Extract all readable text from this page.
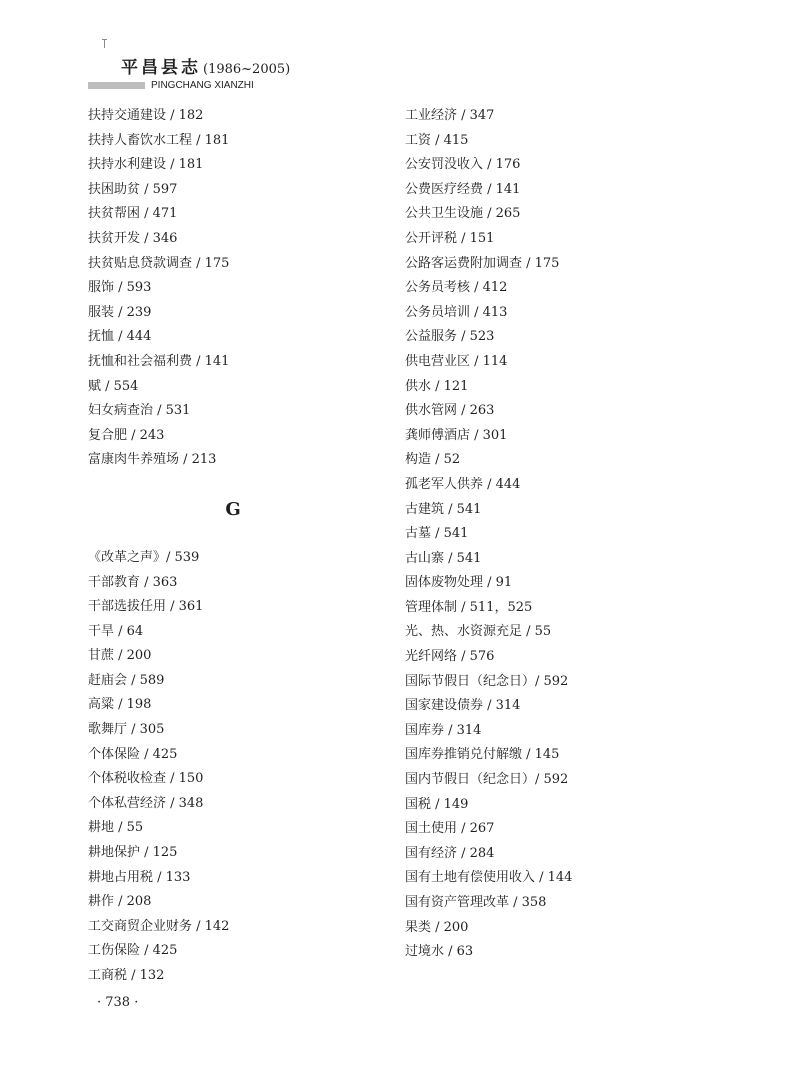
平昌县志 (1986~2005)
PINGCHANG XIANZHI
扶持交通建设 / 182
扶持人畜饮水工程 / 181
扶持水利建设 / 181
扶困助贫 / 597
扶贫帮困 / 471
扶贫开发 / 346
扶贫贴息贷款调查 / 175
服饰 / 593
服装 / 239
抚恤 / 444
抚恤和社会福利费 / 141
赋 / 554
妇女病查治 / 531
复合肥 / 243
富康肉牛养殖场 / 213
G
《改革之声》/ 539
干部教育 / 363
干部选拔任用 / 361
干旱 / 64
甘蔗 / 200
赶庙会 / 589
高粱 / 198
歌舞厅 / 305
个体保险 / 425
个体税收检查 / 150
个体私营经济 / 348
耕地 / 55
耕地保护 / 125
耕地占用税 / 133
耕作 / 208
工交商贸企业财务 / 142
工伤保险 / 425
工商税 / 132
工业经济 / 347
工资 / 415
公安罚没收入 / 176
公费医疗经费 / 141
公共卫生设施 / 265
公开评税 / 151
公路客运费附加调查 / 175
公务员考核 / 412
公务员培训 / 413
公益服务 / 523
供电营业区 / 114
供水 / 121
供水管网 / 263
龚师傅酒店 / 301
构造 / 52
孤老军人供养 / 444
古建筑 / 541
古墓 / 541
古山寨 / 541
固体废物处理 / 91
管理体制 / 511，525
光、热、水资源充足 / 55
光纤网络 / 576
国际节假日（纪念日）/ 592
国家建设债券 / 314
国库券 / 314
国库券推销兑付解缴 / 145
国内节假日（纪念日）/ 592
国税 / 149
国土使用 / 267
国有经济 / 284
国有土地有偿使用收入 / 144
国有资产管理改革 / 358
果类 / 200
过境水 / 63
· 738 ·
